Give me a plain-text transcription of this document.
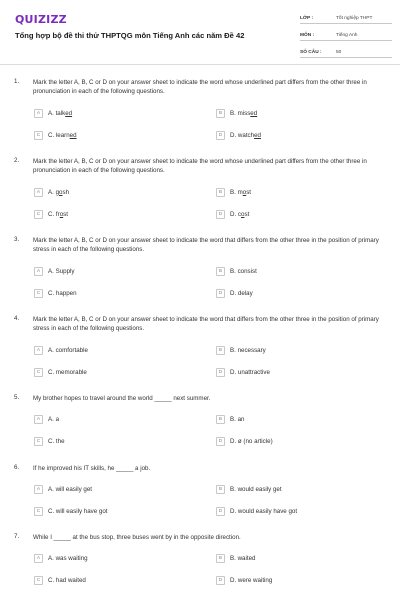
QUIZIZZ
Tổng hợp bộ đề thi thử THPTQG môn Tiếng Anh các năm Đề 42
LỚP :	Tốt nghiệp THPT
MÔN :	Tiếng Anh
SỐ CÂU :	50
1. Mark the letter A, B, C or D on your answer sheet to indicate the word whose underlined part differs from the other three in pronunciation in each of the following questions.
A	A. talked	B	B. missed
C	C. learned	D	D. watched
2. Mark the letter A, B, C or D on your answer sheet to indicate the word whose underlined part differs from the other three in pronunciation in each of the following questions.
A	A. gosh	B	B. most
C	C. frost	D	D. cost
3. Mark the letter A, B, C or D on your answer sheet to indicate the word that differs from the other three in the position of primary stress in each of the following questions.
A	A. Supply	B	B. consist
C	C. happen	D	D. delay
4. Mark the letter A, B, C or D on your answer sheet to indicate the word that differs from the other three in the position of primary stress in each of the following questions.
A	A. comfortable	B	B. necessary
C	C. memorable	D	D. unattractive
5. My brother hopes to travel around the world _____ next summer.
A	A. a	B	B. an
C	C. the	D	D. ø (no article)
6. If he improved his IT skills, he _____ a job.
A	A. will easily get	B	B. would easily get
C	C. will easily have got	D	D. would easily have got
7. While I _____ at the bus stop, three buses went by in the opposite direction.
A	A. was waiting	B	B. waited
C	C. had waited	D	D. were waiting
